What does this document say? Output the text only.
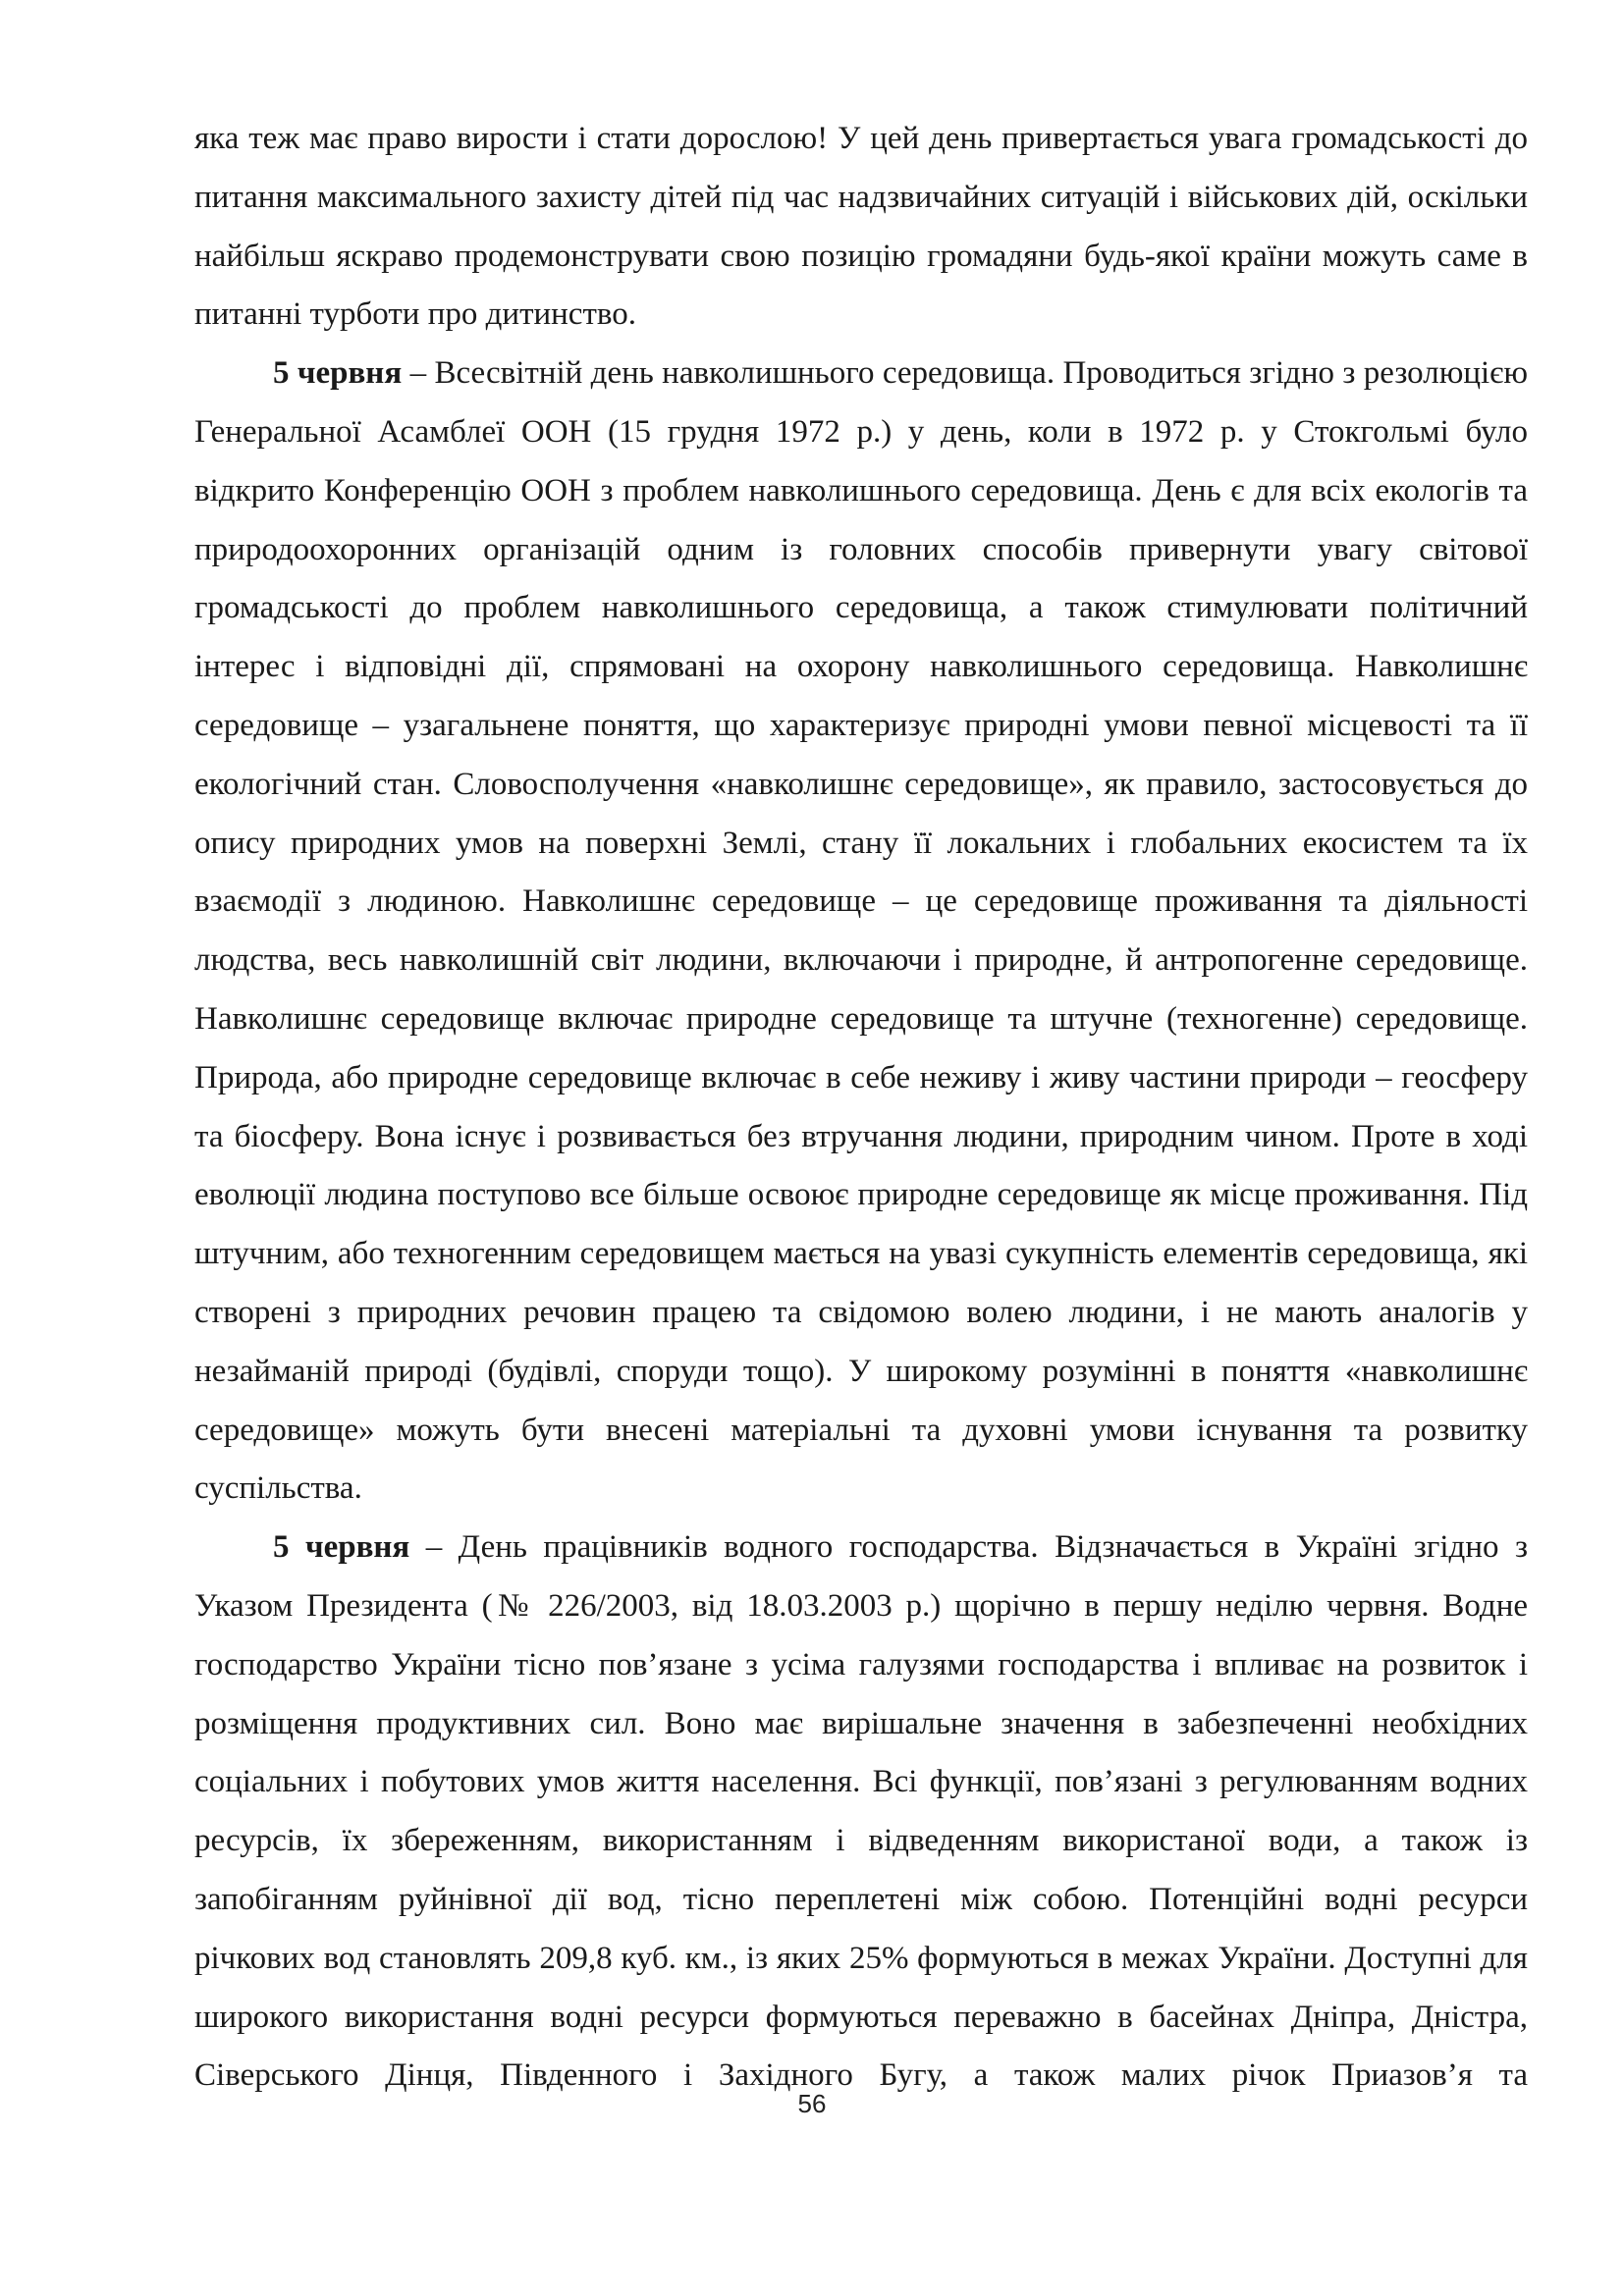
яка теж має право вирости і стати дорослою! У цей день привертається увага громадськості до питання максимального захисту дітей під час надзвичайних ситуацій і військових дій, оскільки найбільш яскраво продемонструвати свою позицію громадяни будь-якої країни можуть саме в питанні турботи про дитинство.

5 червня – Всесвітній день навколишнього середовища. Проводиться згідно з резолюцією Генеральної Асамблеї ООН (15 грудня 1972 р.) у день, коли в 1972 р. у Стокгольмі було відкрито Конференцію ООН з проблем навколишнього середовища. День є для всіх екологів та природоохоронних організацій одним із головних способів привернути увагу світової громадськості до проблем навколишнього середовища, а також стимулювати політичний інтерес і відповідні дії, спрямовані на охорону навколишнього середовища. Навколишнє середовище – узагальнене поняття, що характеризує природні умови певної місцевості та її екологічний стан. Словосполучення «навколишнє середовище», як правило, застосовується до опису природних умов на поверхні Землі, стану її локальних і глобальних екосистем та їх взаємодії з людиною. Навколишнє середовище – це середовище проживання та діяльності людства, весь навколишній світ людини, включаючи і природне, й антропогенне середовище. Навколишнє середовище включає природне середовище та штучне (техногенне) середовище. Природа, або природне середовище включає в себе неживу і живу частини природи – геосферу та біосферу. Вона існує і розвивається без втручання людини, природним чином. Проте в ході еволюції людина поступово все більше освоює природне середовище як місце проживання. Під штучним, або техногенним середовищем мається на увазі сукупність елементів середовища, які створені з природних речовин працею та свідомою волею людини, і не мають аналогів у незайманій природі (будівлі, споруди тощо). У широкому розумінні в поняття «навколишнє середовище» можуть бути внесені матеріальні та духовні умови існування та розвитку суспільства.

5 червня – День працівників водного господарства. Відзначається в Україні згідно з Указом Президента (№ 226/2003, від 18.03.2003 р.) щорічно в першу неділю червня. Водне господарство України тісно пов’язане з усіма галузями господарства і впливає на розвиток і розміщення продуктивних сил. Воно має вирішальне значення в забезпеченні необхідних соціальних і побутових умов життя населення. Всі функції, пов’язані з регулюванням водних ресурсів, їх збереженням, використанням і відведенням використаної води, а також із запобіганням руйнівної дії вод, тісно переплетені між собою. Потенційні водні ресурси річкових вод становлять 209,8 куб. км., із яких 25% формуються в межах України. Доступні для широкого використання водні ресурси формуються переважно в басейнах Дніпра, Дністра, Сіверського Дінця, Південного і Західного Бугу, а також малих річок Приазов’я та

56
